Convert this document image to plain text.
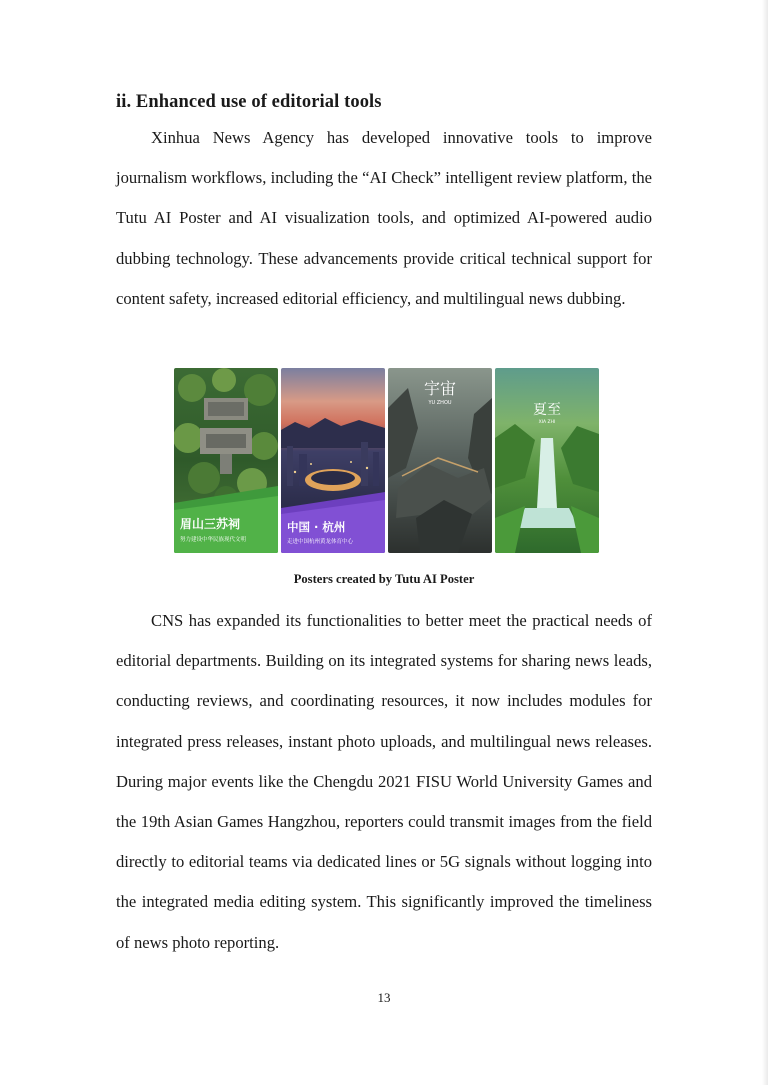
ii. Enhanced use of editorial tools

Xinhua News Agency has developed innovative tools to improve journalism workflows, including the “AI Check” intelligent review platform, the Tutu AI Poster and AI visualization tools, and optimized AI-powered audio dubbing technology. These advancements provide critical technical support for content safety, increased editorial efficiency, and multilingual news dubbing.

眉山三苏祠
努力建设中华民族现代文明
中国 · 杭州
走进中国杭州黄龙体育中心
宇宙
YU ZHOU	夏至
XIA ZHI

Posters created by Tutu AI Poster

CNS has expanded its functionalities to better meet the practical needs of editorial departments. Building on its integrated systems for sharing news leads, conducting reviews, and coordinating resources, it now includes modules for integrated press releases, instant photo uploads, and multilingual news releases. During major events like the Chengdu 2021 FISU World University Games and the 19th Asian Games Hangzhou, reporters could transmit images from the field directly to editorial teams via dedicated lines or 5G signals without logging into the integrated media editing system. This significantly improved the timeliness of news photo reporting.

13
